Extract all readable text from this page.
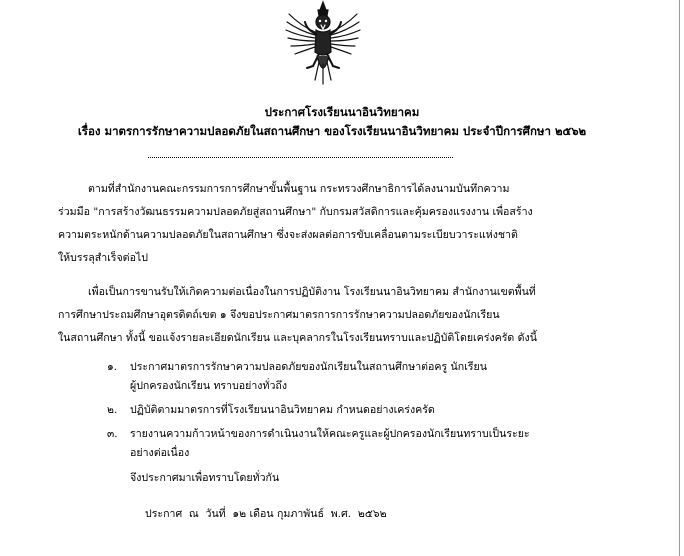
ประกาศโรงเรียนนาอินวิทยาคม
เรื่อง มาตรการรักษาความปลอดภัยในสถานศึกษา ของโรงเรียนนาอินวิทยาคม ประจำปีการศึกษา ๒๕๖๒
ตามที่สำนักงานคณะกรรมการการศึกษาขั้นพื้นฐาน กระทรวงศึกษาธิการได้ลงนามบันทึกความ
ร่วมมือ "การสร้างวัฒนธรรมความปลอดภัยสู่สถานศึกษา" กับกรมสวัสดิการและคุ้มครองแรงงาน เพื่อสร้าง
ความตระหนักด้านความปลอดภัยในสถานศึกษา ซึ่งจะส่งผลต่อการขับเคลื่อนตามระเบียบวาระแห่งชาติ
ให้บรรลุสำเร็จต่อไป
เพื่อเป็นการขานรับให้เกิดความต่อเนื่องในการปฏิบัติงาน โรงเรียนนาอินวิทยาคม สำนักงานเขตพื้นที่
การศึกษาประถมศึกษาอุตรดิตถ์เขต ๑ จึงขอประกาศมาตรการการรักษาความปลอดภัยของนักเรียน
ในสถานศึกษา ทั้งนี้ ขอแจ้งรายละเอียดนักเรียน และบุคลากรในโรงเรียนทราบและปฏิบัติโดยเคร่งครัด ดังนี้
๑.	ประกาศมาตรการรักษาความปลอดภัยของนักเรียนในสถานศึกษาต่อครู นักเรียน
ผู้ปกครองนักเรียน ทราบอย่างทั่วถึง
๒.	ปฏิบัติตามมาตรการที่โรงเรียนนาอินวิทยาคม กำหนดอย่างเคร่งครัด
๓.	รายงานความก้าวหน้าของการดำเนินงานให้คณะครูและผู้ปกครองนักเรียนทราบเป็นระยะ
อย่างต่อเนื่อง
จึงประกาศมาเพื่อทราบโดยทั่วกัน
ประกาศ  ณ  วันที่  ๑๒ เดือน กุมภาพันธ์  พ.ศ.  ๒๕๖๒
